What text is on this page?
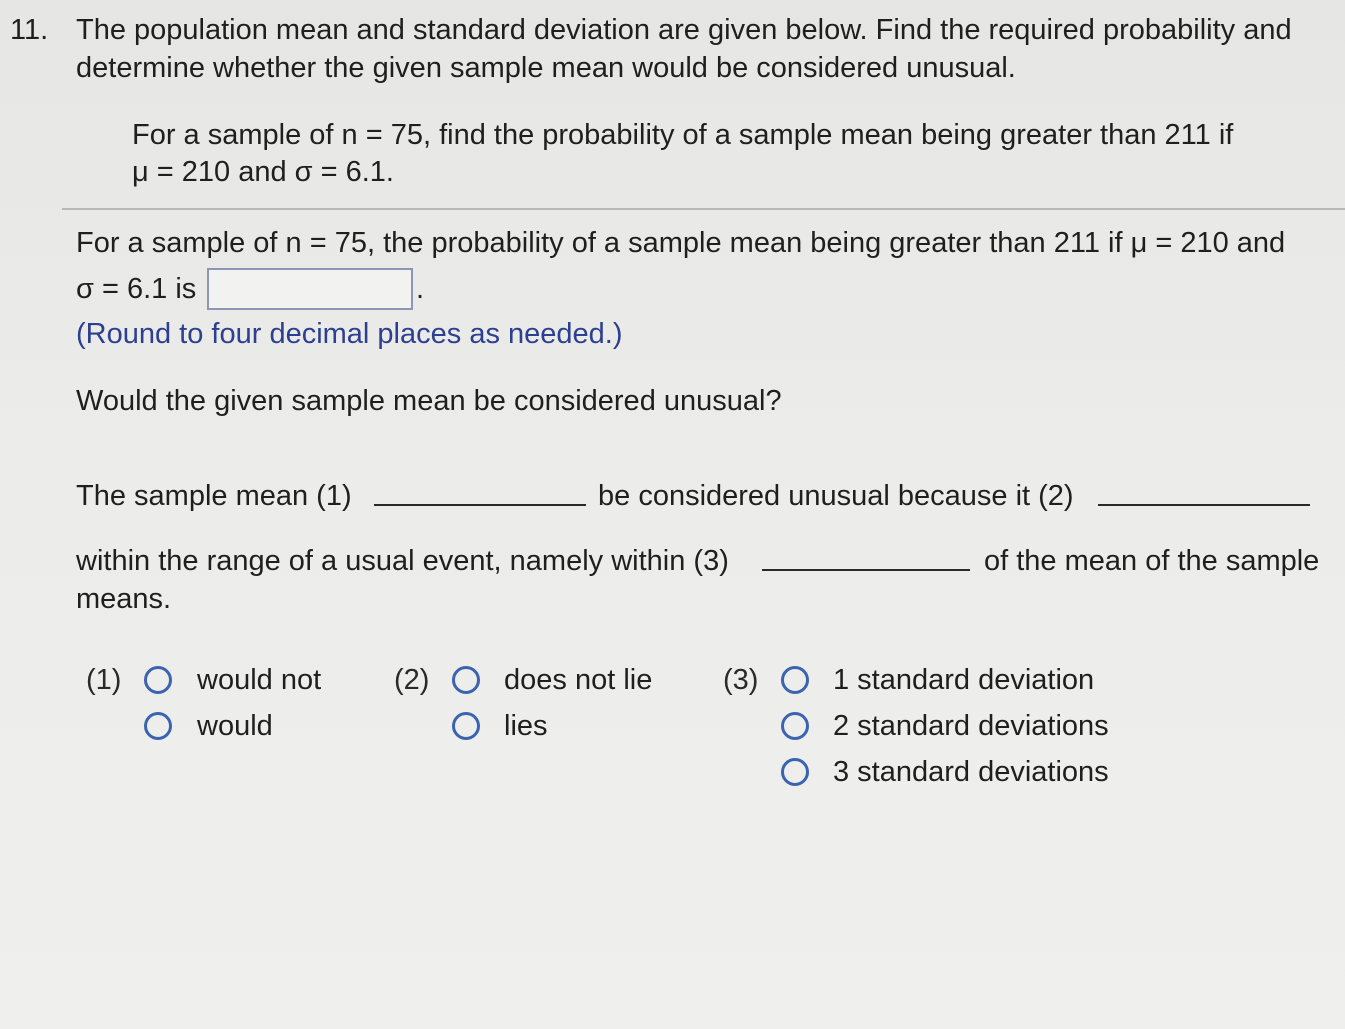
11. The population mean and standard deviation are given below. Find the required probability and
determine whether the given sample mean would be considered unusual.
For a sample of n = 75, find the probability of a sample mean being greater than 211 if
μ = 210 and σ = 6.1.
For a sample of n = 75, the probability of a sample mean being greater than 211 if μ = 210 and
σ = 6.1 is	.
(Round to four decimal places as needed.)
Would the given sample mean be considered unusual?
The sample mean (1)	be considered unusual because it (2)
within the range of a usual event, namely within (3)	of the mean of the sample
means.
(1)	would not
would
(2)	does not lie
lies
(3)	1 standard deviation
2 standard deviations
3 standard deviations
